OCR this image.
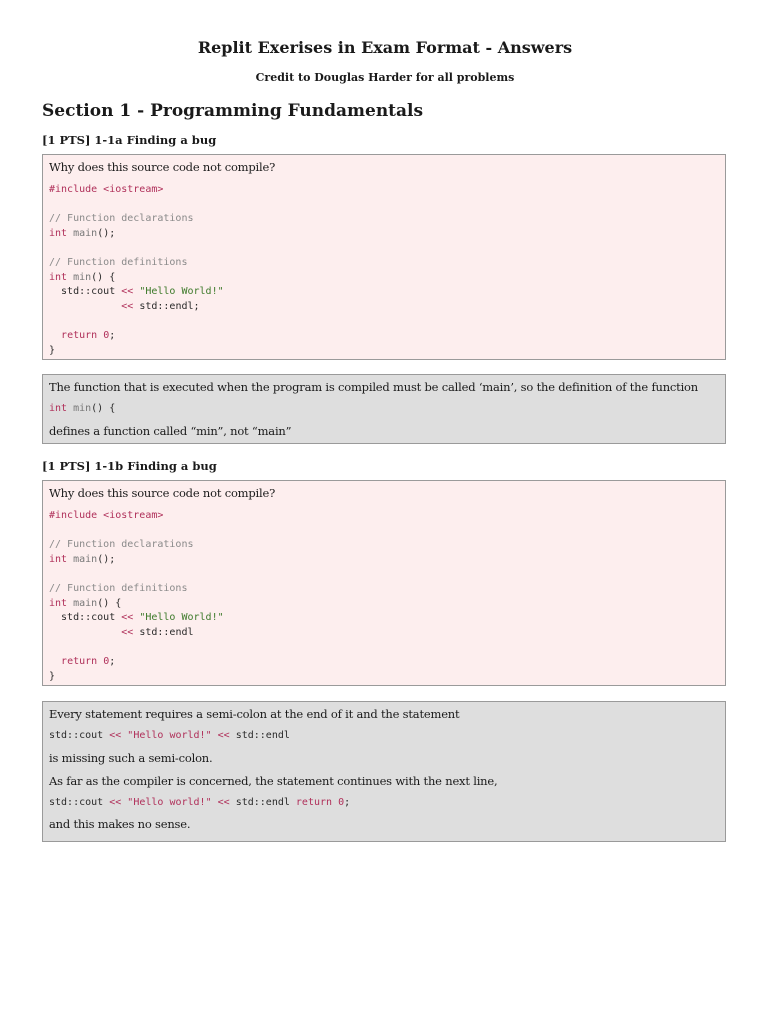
Replit Exerises in Exam Format - Answers
Credit to Douglas Harder for all problems
Section 1 - Programming Fundamentals
[1 PTS] 1-1a Finding a bug

Why does this source code not compile?

#include <iostream>

// Function declarations
int main();

// Function definitions
int min() {
std::cout << "Hello World!"
<< std::endl;

return 0;
}

The function that is executed when the program is compiled must be called ‘main’, so the definition of the function

int min() {

defines a function called “min”, not “main”

[1 PTS] 1-1b Finding a bug

Why does this source code not compile?

#include <iostream>

// Function declarations
int main();

// Function definitions
int main() {
std::cout << "Hello World!"
<< std::endl

return 0;
}

Every statement requires a semi-colon at the end of it and the statement

std::cout << "Hello world!" << std::endl

is missing such a semi-colon.

As far as the compiler is concerned, the statement continues with the next line,

std::cout << "Hello world!" << std::endl return 0;

and this makes no sense.
